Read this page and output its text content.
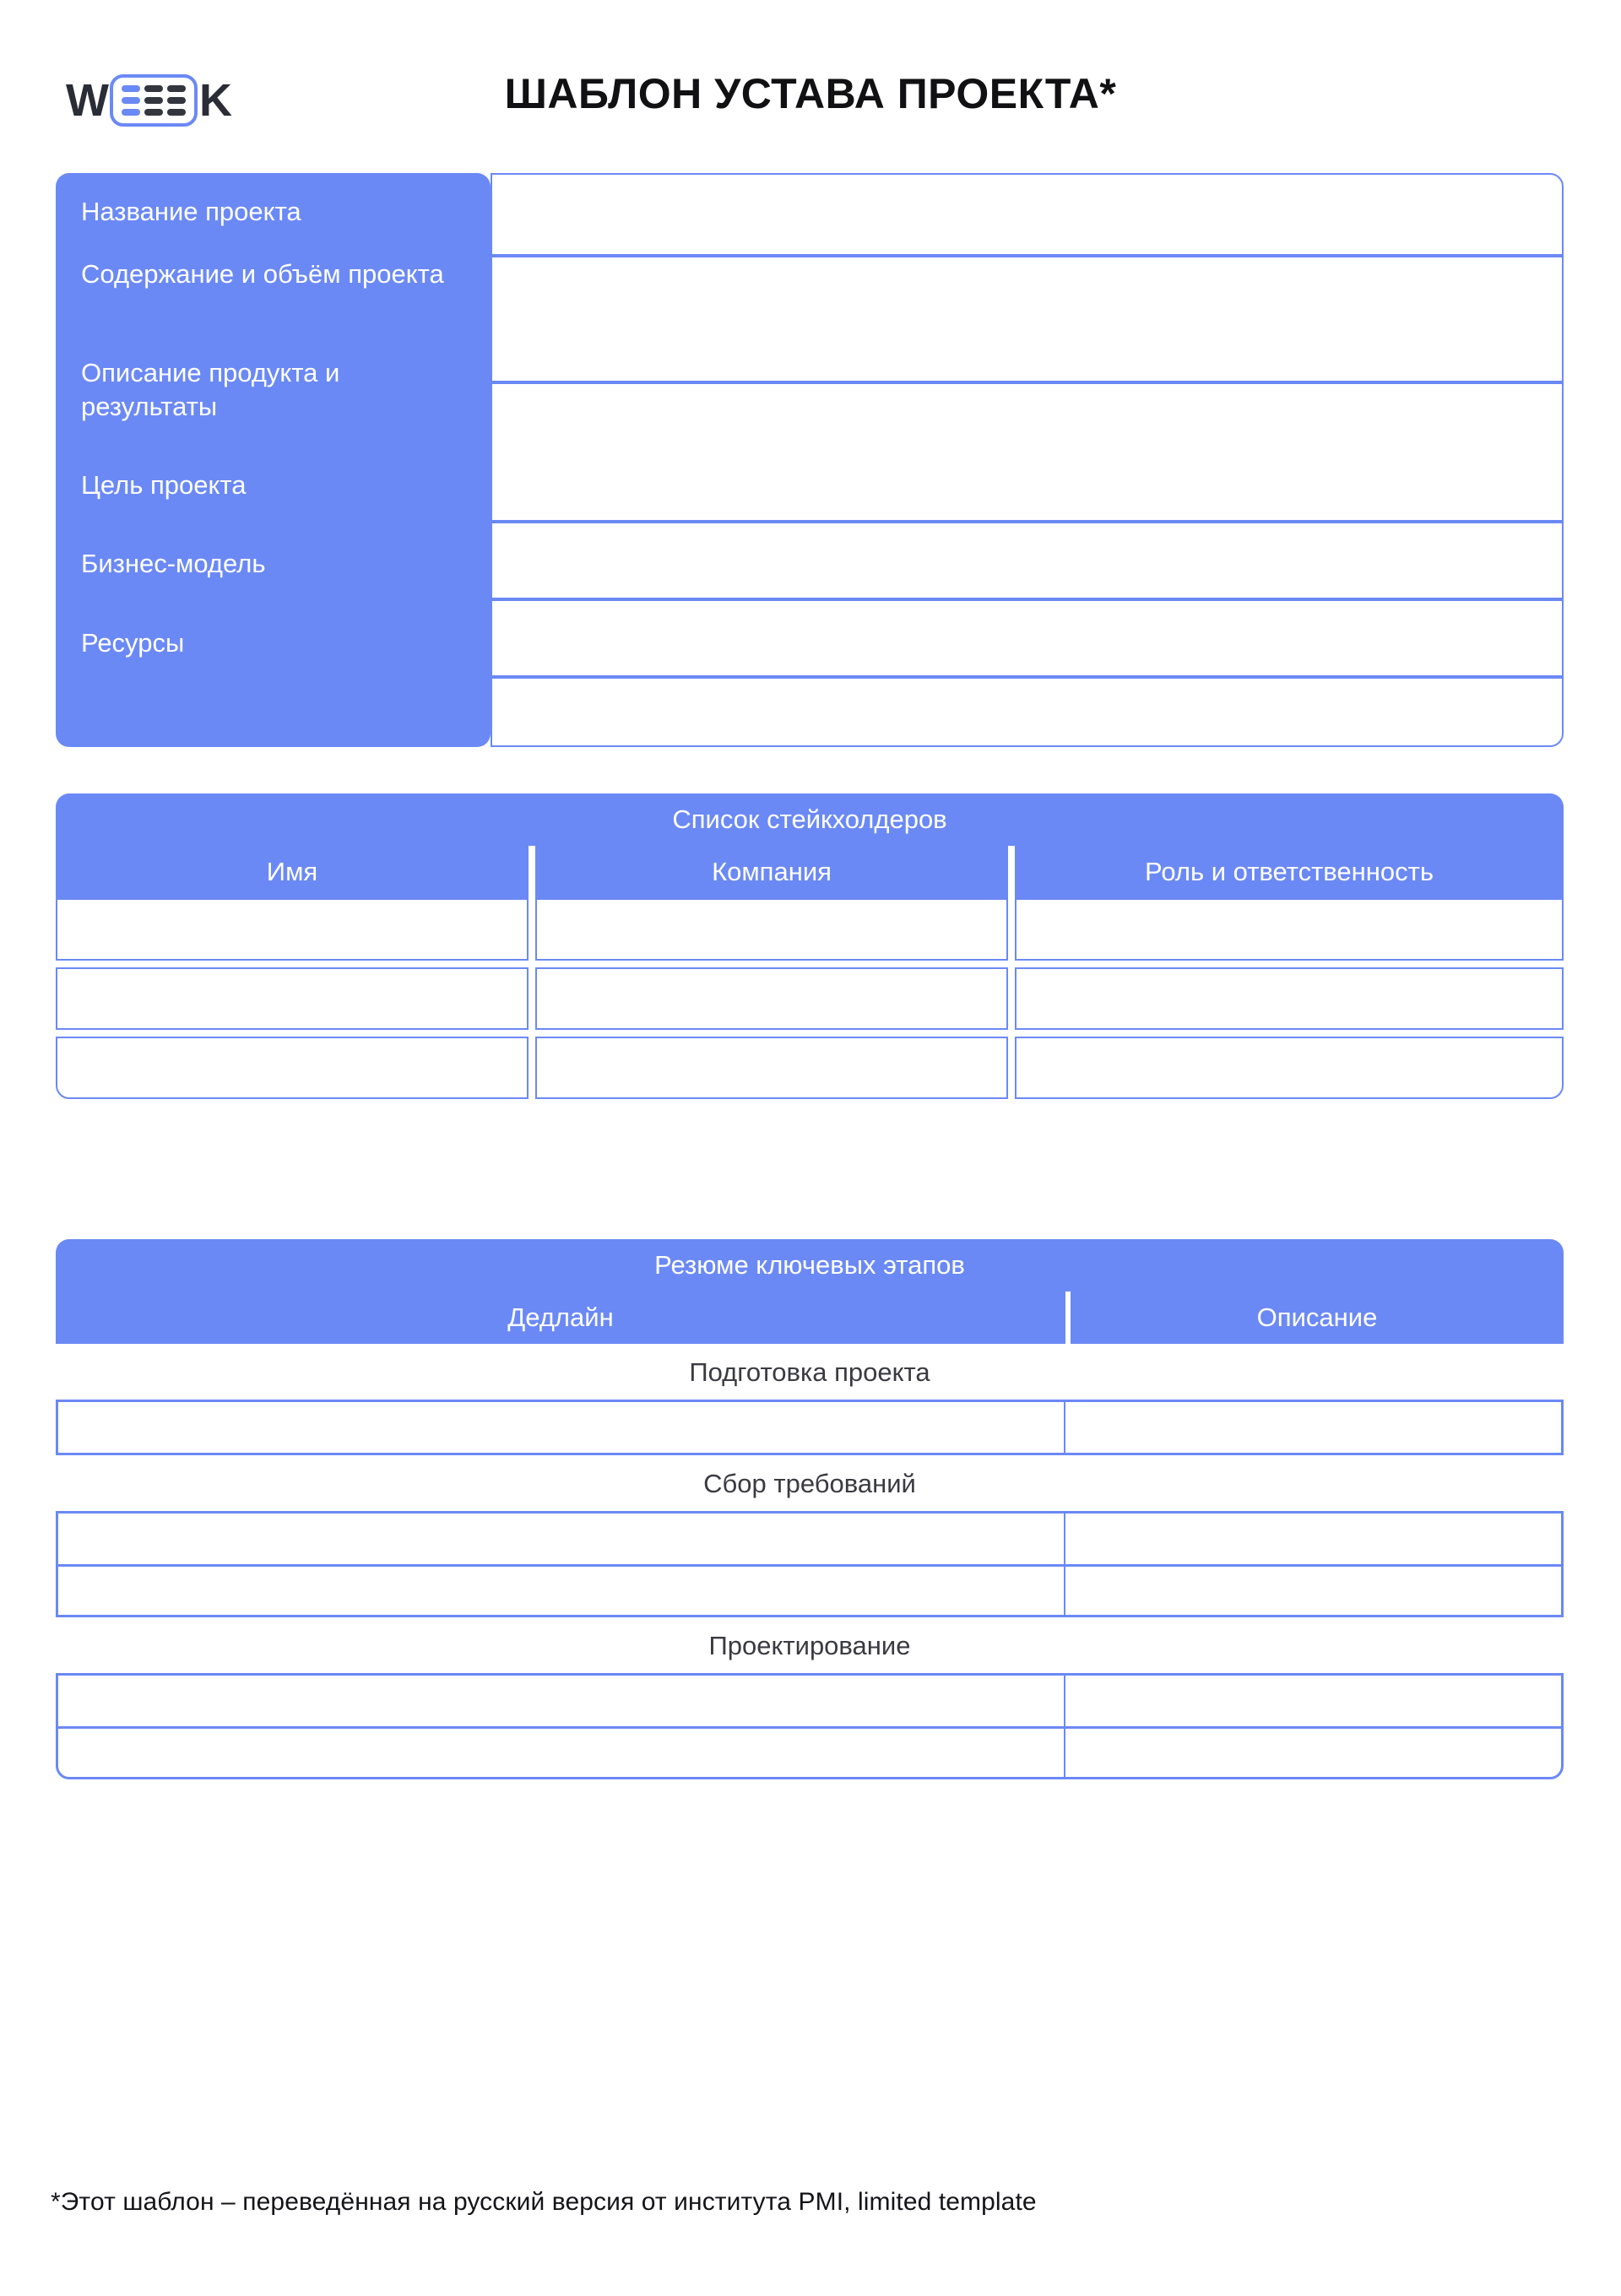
W K	ШАБЛОН УСТАВА ПРОЕКТА*
Название проекта
Содержание и объём проекта
Описание продукта и результаты
Цель проекта
Бизнес-модель
Ресурсы
Список стейкхолдеров
Имя	Компания	Роль и ответственность
Резюме ключевых этапов
Дедлайн	Описание
Подготовка проекта
Сбор требований
Проектирование
*Этот шаблон – переведённая на русский версия от института PMI, limited template
